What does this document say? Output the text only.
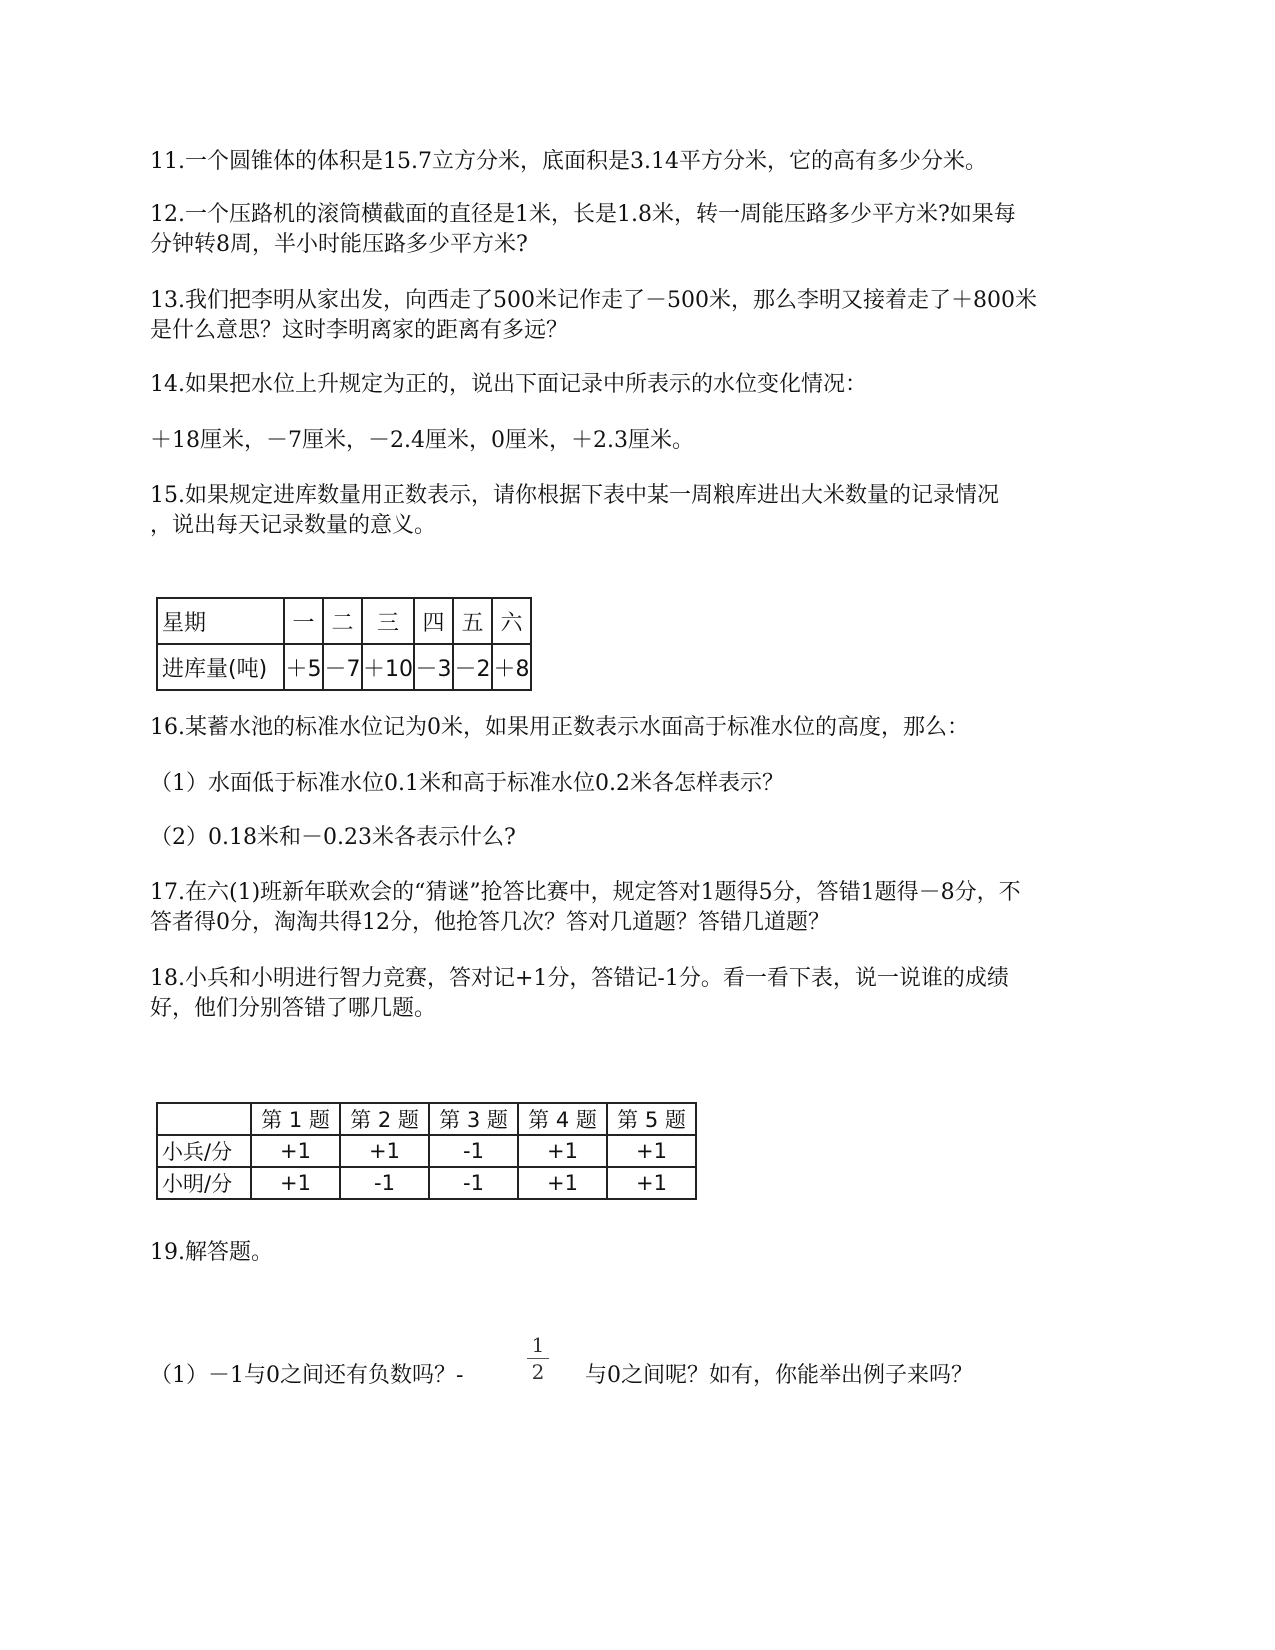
11.一个圆锥体的体积是15.7立方分米，底面积是3.14平方分米，它的高有多少分米。

12.一个压路机的滚筒横截面的直径是1米，长是1.8米，转一周能压路多少平方米?如果每

分钟转8周，半小时能压路多少平方米?

13.我们把李明从家出发，向西走了500米记作走了－500米，那么李明又接着走了＋800米

是什么意思？这时李明离家的距离有多远？

14.如果把水位上升规定为正的，说出下面记录中所表示的水位变化情况：

＋18厘米，－7厘米，－2.4厘米，0厘米，＋2.3厘米。

15.如果规定进库数量用正数表示，请你根据下表中某一周粮库进出大米数量的记录情况

，说出每天记录数量的意义。

星期	一	二	三	四	五	六
进库量(吨)	＋5	－7	＋10	－3	－2	＋8

16.某蓄水池的标准水位记为0米，如果用正数表示水面高于标准水位的高度，那么：

（1）水面低于标准水位0.1米和高于标准水位0.2米各怎样表示？

（2）0.18米和－0.23米各表示什么?

17.在六(1)班新年联欢会的“猜谜”抢答比赛中，规定答对1题得5分，答错1题得－8分，不

答者得0分，淘淘共得12分，他抢答几次？答对几道题？答错几道题？

18.小兵和小明进行智力竞赛，答对记+1分，答错记-1分。看一看下表，说一说谁的成绩

好，他们分别答错了哪几题。

	第 1 题	第 2 题	第 3 题	第 4 题	第 5 题
小兵/分	+1	+1	-1	+1	+1
小明/分	+1	-1	-1	+1	+1

19.解答题。

（1）－1与0之间还有负数吗？-
1
2	与0之间呢？如有，你能举出例子来吗？
